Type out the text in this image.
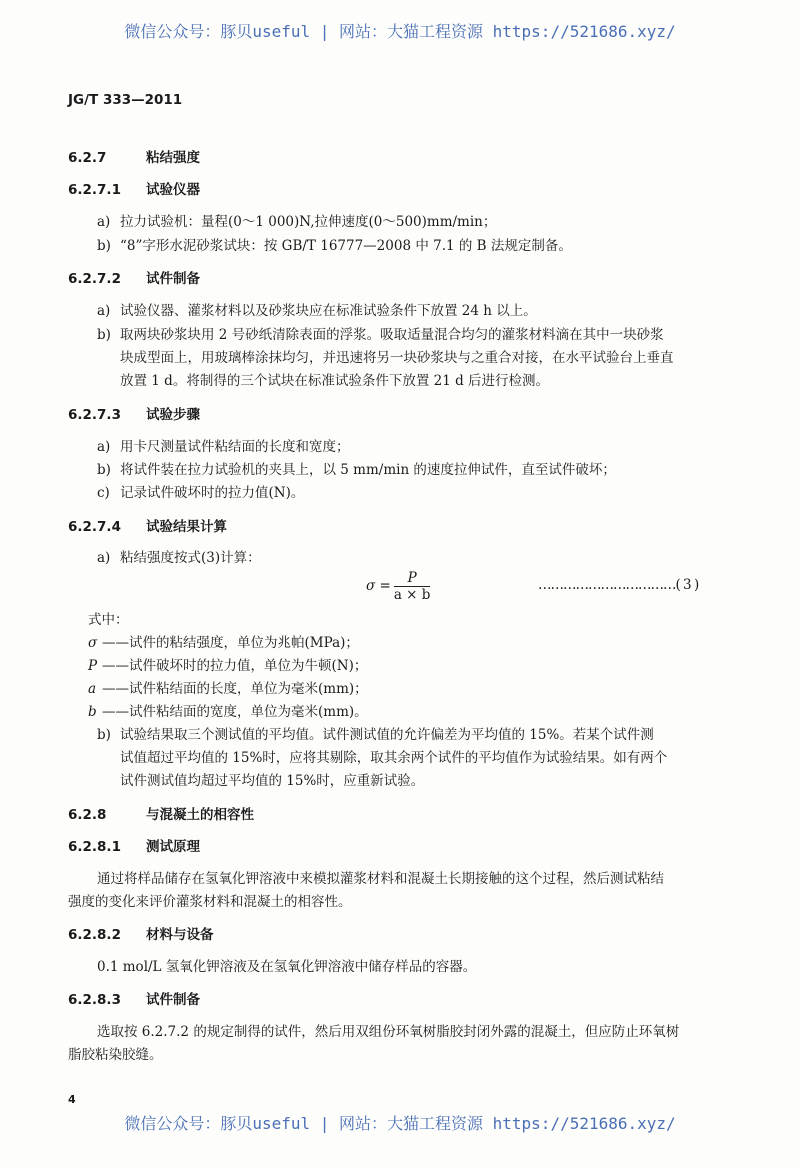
微信公众号：豚贝useful | 网站：大猫工程资源 https://521686.xyz/
JG/T 333—2011
6.2.7	粘结强度
6.2.7.1 试验仪器
a) 拉力试验机：量程(0～1 000)N,拉伸速度(0～500)mm/min；
b) “8”字形水泥砂浆试块：按 GB/T 16777—2008 中 7.1 的 B 法规定制备。
6.2.7.2 试件制备
a) 试验仪器、灌浆材料以及砂浆块应在标准试验条件下放置 24 h 以上。
b) 取两块砂浆块用 2 号砂纸清除表面的浮浆。吸取适量混合均匀的灌浆材料滴在其中一块砂浆
块成型面上，用玻璃棒涂抹均匀，并迅速将另一块砂浆块与之重合对接，在水平试验台上垂直
放置 1 d。将制得的三个试块在标准试验条件下放置 21 d 后进行检测。
6.2.7.3 试验步骤
a) 用卡尺测量试件粘结面的长度和宽度；
b) 将试件装在拉力试验机的夹具上，以 5 mm/min 的速度拉伸试件，直至试件破坏；
c) 记录试件破坏时的拉力值(N)。
6.2.7.4 试验结果计算
a) 粘结强度按式(3)计算：
$\sigma = \frac{P}{a \times b}$	……………………………( 3 )
式中：
σ ——试件的粘结强度，单位为兆帕(MPa)；
P ——试件破坏时的拉力值，单位为牛顿(N)；
a ——试件粘结面的长度，单位为毫米(mm)；
b ——试件粘结面的宽度，单位为毫米(mm)。
b) 试验结果取三个测试值的平均值。试件测试值的允许偏差为平均值的 15%。若某个试件测
试值超过平均值的 15%时，应将其剔除，取其余两个试件的平均值作为试验结果。如有两个
试件测试值均超过平均值的 15%时，应重新试验。
6.2.8	与混凝土的相容性
6.2.8.1 测试原理
通过将样品储存在氢氧化钾溶液中来模拟灌浆材料和混凝土长期接触的这个过程，然后测试粘结
强度的变化来评价灌浆材料和混凝土的相容性。
6.2.8.2 材料与设备
0.1 mol/L 氢氧化钾溶液及在氢氧化钾溶液中储存样品的容器。
6.2.8.3 试件制备
选取按 6.2.7.2 的规定制得的试件，然后用双组份环氧树脂胶封闭外露的混凝土，但应防止环氧树
脂胶粘染胶缝。
4
微信公众号：豚贝useful | 网站：大猫工程资源 https://521686.xyz/
